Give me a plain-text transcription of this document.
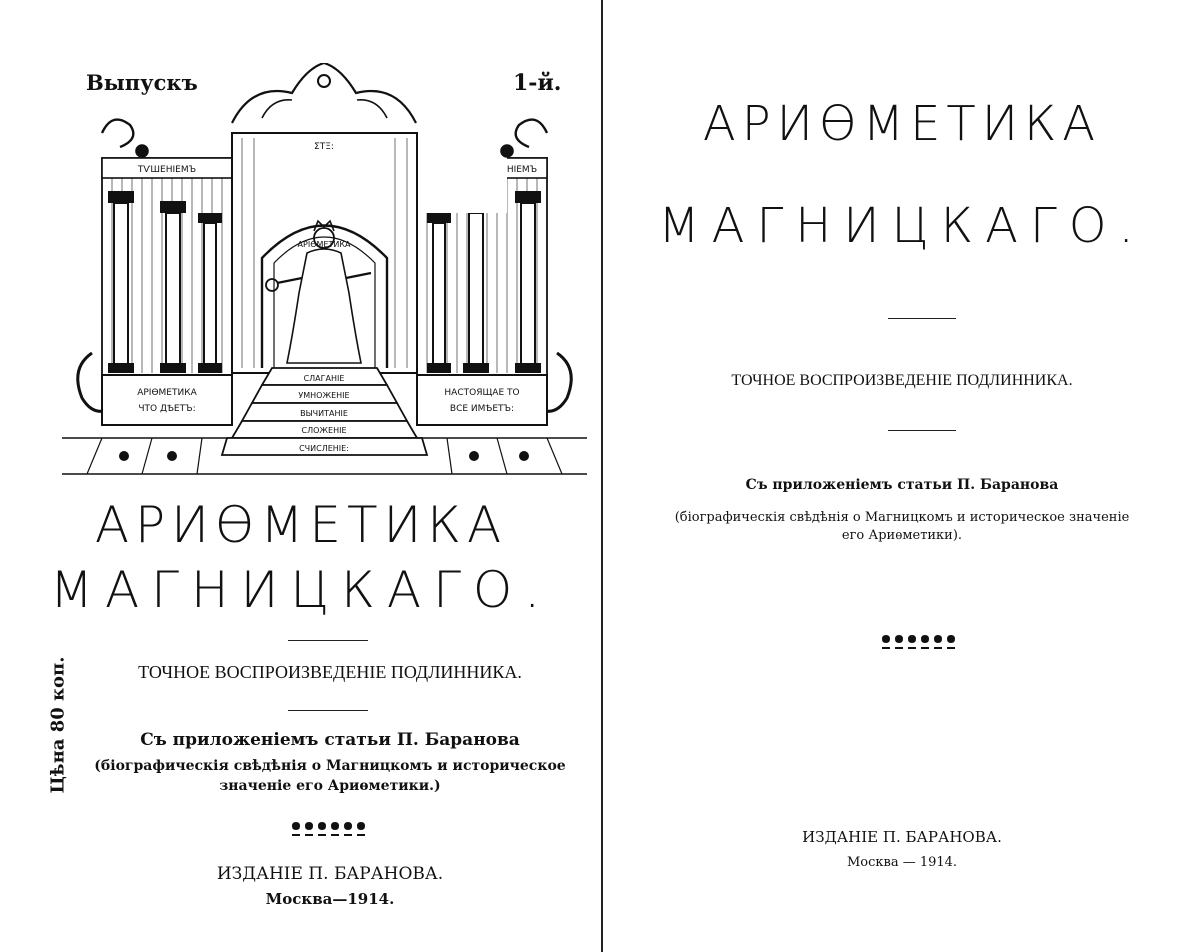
Выпускъ	1-й.
ΣΤΞ:
ТѴШЕНІЕМЪ	НІЕМЪ
АРІѲМЕТИКА
АРІѲМЕТИКА
ЧТО ДѢЕТЪ:
НАСТОЯЩАЕ ТО
ВСЕ ИМѢЕТЪ:
СЛАГАНІЕ
УМНОЖЕНІЕ
ВЫЧИТАНІЕ
СЛОЖЕНІЕ
СЧИСЛЕНІЕ:
АРИѲМЕТИКА
МАГНИЦКАГО.
ТОЧНОЕ ВОСПРОИЗВЕДЕНІЕ ПОДЛИННИКА.
Съ приложеніемъ статьи П. Баранова
(біографическія свѣдѣнія о Магницкомъ и историческое
значеніе его Ариѳметики.)
Цѣна 80 коп.
ИЗДАНІЕ П. БАРАНОВА.
Москва—1914.
АРИѲМЕТИКА
МАГНИЦКАГО.
ТОЧНОЕ ВОСПРОИЗВЕДЕНІЕ ПОДЛИННИКА.
Съ приложеніемъ статьи П. Баранова
(біографическія свѣдѣнія о Магницкомъ и историческое значеніе
его Ариѳметики).
ИЗДАНІЕ П. БАРАНОВА.
Москва — 1914.
